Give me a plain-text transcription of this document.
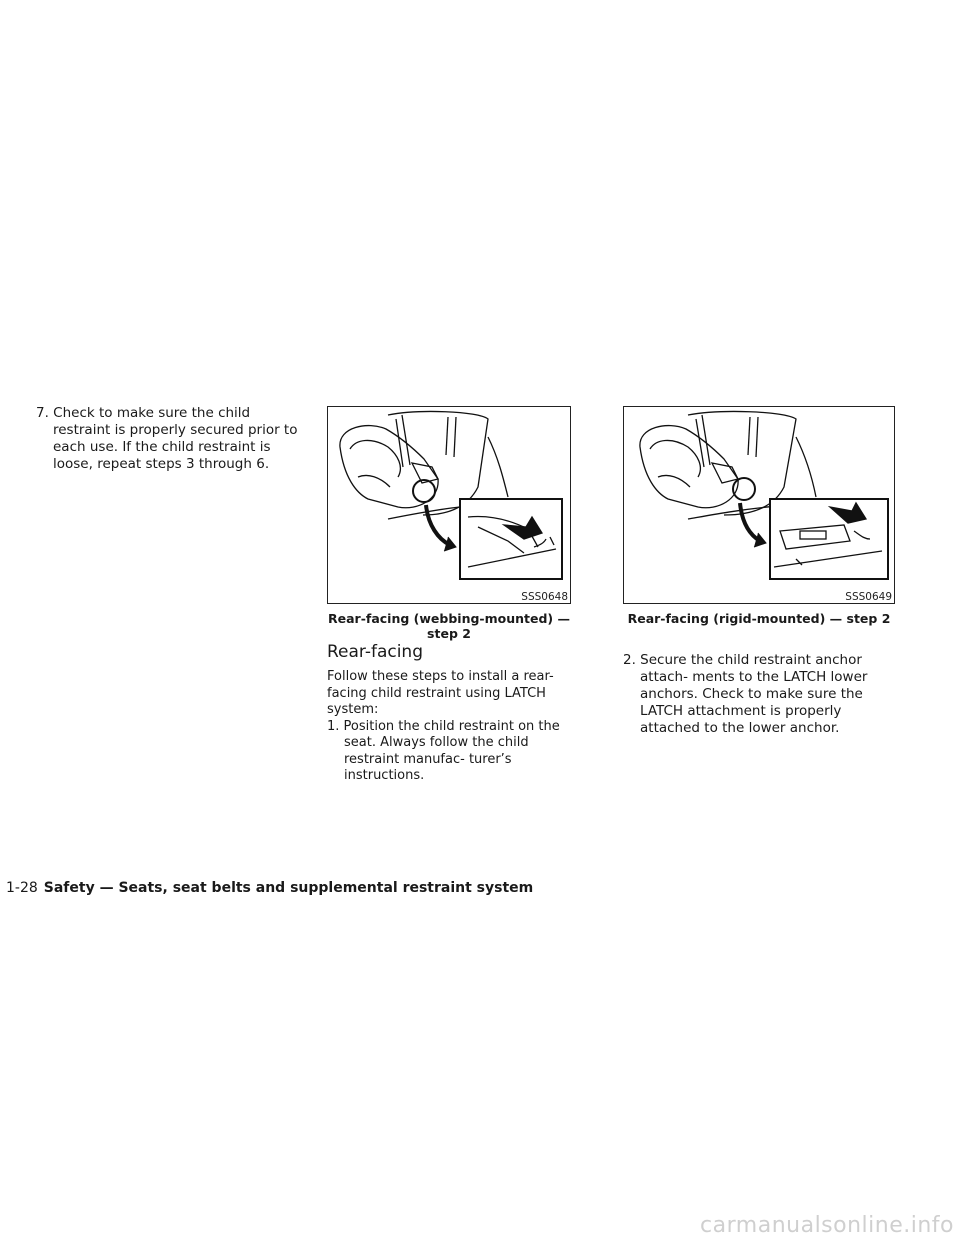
7. Check to make sure the child restraint is properly secured prior to each use. If the child restraint is loose, repeat steps 3 through 6.

SSS0648
Rear-facing (webbing-mounted) — step 2
SSS0649
Rear-facing (rigid-mounted) — step 2
Rear-facing

Follow these steps to install a rear-facing child restraint using LATCH system:

1. Position the child restraint on the seat. Always follow the child restraint manufac- turer’s instructions.

2. Secure the child restraint anchor attach- ments to the LATCH lower anchors. Check to make sure the LATCH attachment is properly attached to the lower anchor.

1-28 Safety — Seats, seat belts and supplemental restraint system
carmanualsonline.info
